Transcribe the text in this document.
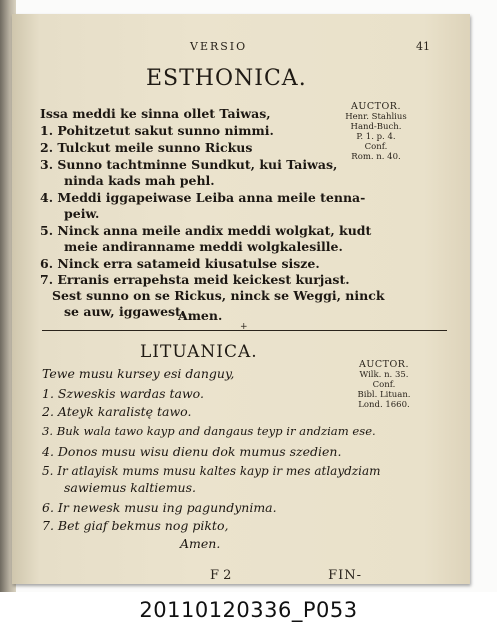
VERSIO	41
ESTHONICA.
Issa meddi ke sinna ollet Taiwas,
1. Pohitzetut sakut sunno nimmi.
2. Tulckut meile sunno Rickus
3. Sunno tachtminne Sundkut, kui Taiwas,
ninda kads mah pehl.
4. Meddi iggapeiwase Leiba anna meile tenna-
peiw.
5. Ninck anna meile andix meddi wolgkat, kudt
meie andiranname meddi wolgkalesille.
6. Ninck erra satameid kiusatulse sisze.
7. Erranis errapehsta meid keickest kurjast.
Sest sunno on se Rickus, ninck se Weggi, ninck
se auw, iggawest.
Amen.
AUCTOR.
Henr. Stahlius
Hand-Buch.
P. 1. p. 4.
Conf.
Rom. n. 40.
+
LITUANICA.
Tewe musu kursey esi danguy,
1. Szweskis wardas tawo.
2. Ateyk karalistę tawo.
3. Buk wala tawo kayp and dangaus teyp ir andziam ese.
4. Donos musu wisu dienu dok mumus szedien.
5. Ir atlayisk mums musu kaltes kayp ir mes atlaydziam
sawiemus kaltiemus.
6. Ir newesk musu ing pagundynima.
7. Bet giaf bekmus nog pikto,
Amen.
AUCTOR.
Wilk. n. 35.
Conf.
Bibl. Lituan.
Lond. 1660.
F 2	FIN-
20110120336_P053
